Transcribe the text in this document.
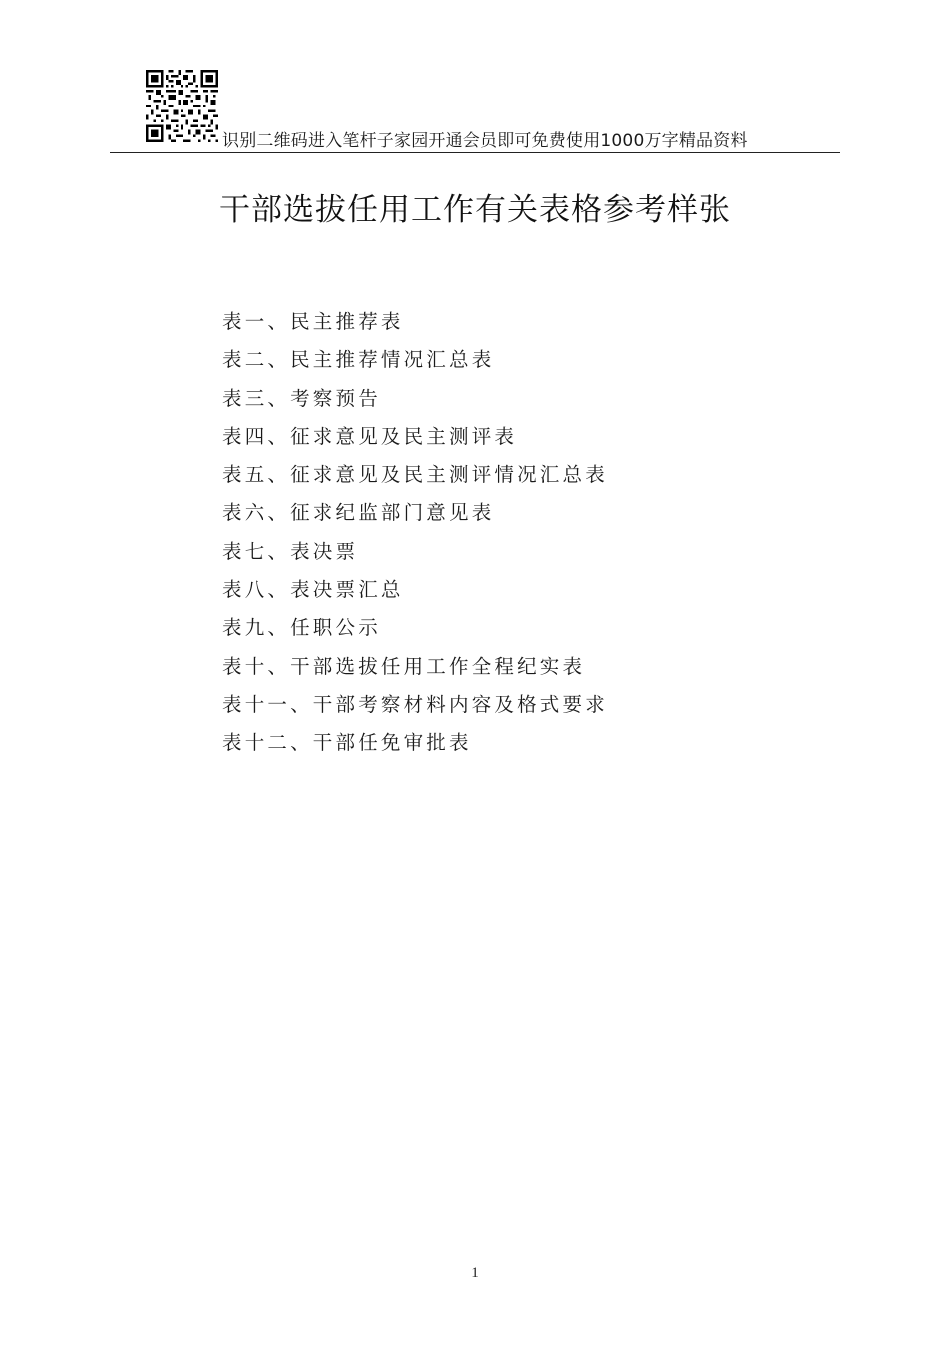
识别二维码进入笔杆子家园开通会员即可免费使用1000万字精品资料
干部选拔任用工作有关表格参考样张
表一、民主推荐表
表二、民主推荐情况汇总表
表三、考察预告
表四、征求意见及民主测评表
表五、征求意见及民主测评情况汇总表
表六、征求纪监部门意见表
表七、表决票
表八、表决票汇总
表九、任职公示
表十、干部选拔任用工作全程纪实表
表十一、干部考察材料内容及格式要求
表十二、干部任免审批表
1
